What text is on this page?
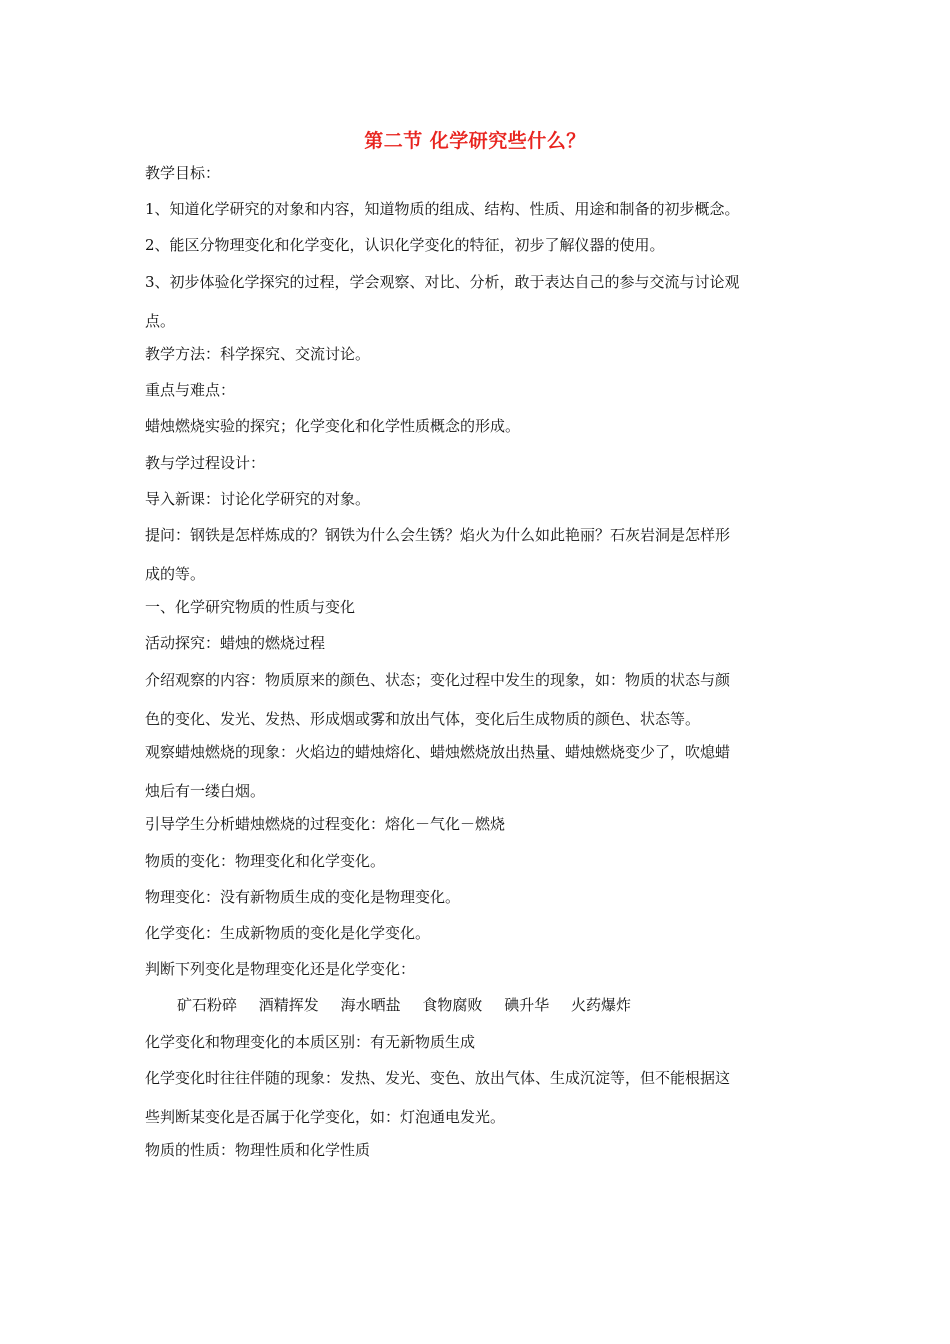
第二节 化学研究些什么？

教学目标：

1、知道化学研究的对象和内容，知道物质的组成、结构、性质、用途和制备的初步概念。

2、能区分物理变化和化学变化，认识化学变化的特征，初步了解仪器的使用。

3、初步体验化学探究的过程，学会观察、对比、分析，敢于表达自己的参与交流与讨论观

点。

教学方法：科学探究、交流讨论。

重点与难点：

蜡烛燃烧实验的探究；化学变化和化学性质概念的形成。

教与学过程设计：

导入新课：讨论化学研究的对象。

提问：钢铁是怎样炼成的？钢铁为什么会生锈？焰火为什么如此艳丽？石灰岩洞是怎样形

成的等。

一、化学研究物质的性质与变化

活动探究：蜡烛的燃烧过程

介绍观察的内容：物质原来的颜色、状态；变化过程中发生的现象，如：物质的状态与颜

色的变化、发光、发热、形成烟或雾和放出气体，变化后生成物质的颜色、状态等。

观察蜡烛燃烧的现象：火焰边的蜡烛熔化、蜡烛燃烧放出热量、蜡烛燃烧变少了，吹熄蜡

烛后有一缕白烟。

引导学生分析蜡烛燃烧的过程变化：熔化－气化－燃烧

物质的变化：物理变化和化学变化。

物理变化：没有新物质生成的变化是物理变化。

化学变化：生成新物质的变化是化学变化。

判断下列变化是物理变化还是化学变化：

矿石粉碎 酒精挥发 海水晒盐 食物腐败 碘升华 火药爆炸

化学变化和物理变化的本质区别：有无新物质生成

化学变化时往往伴随的现象：发热、发光、变色、放出气体、生成沉淀等，但不能根据这

些判断某变化是否属于化学变化，如：灯泡通电发光。

物质的性质：物理性质和化学性质
